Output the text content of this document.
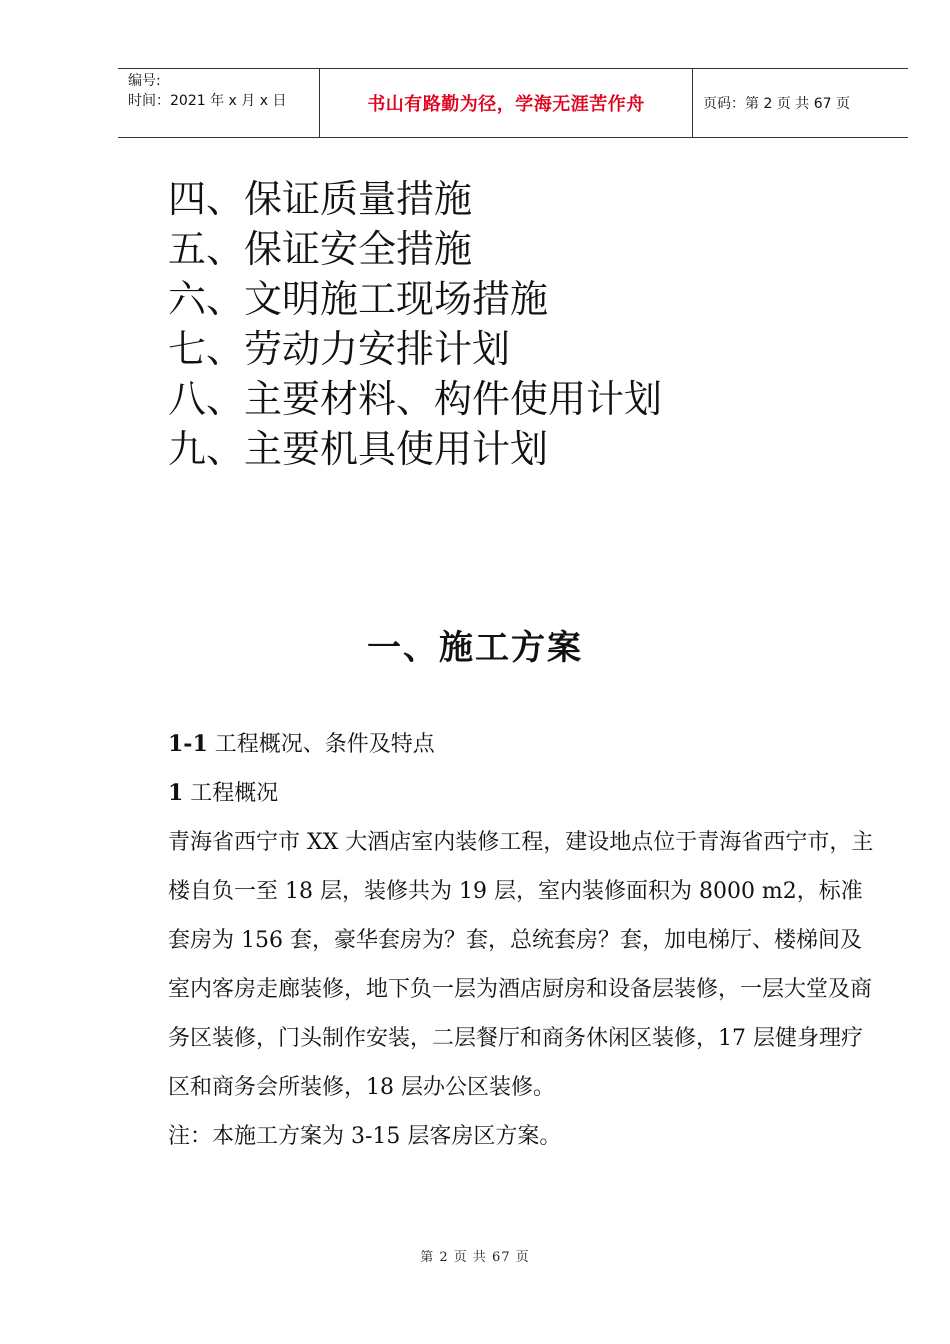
编号:
时间：2021 年 x 月 x 日	书山有路勤为径，学海无涯苦作舟	页码：第 2 页 共 67 页
四、保证质量措施
五、保证安全措施
六、文明施工现场措施
七、劳动力安排计划
八、主要材料、构件使用计划
九、主要机具使用计划
一、施工方案

1-1 工程概况、条件及特点

1 工程概况

青海省西宁市 XX 大酒店室内装修工程，建设地点位于青海省西宁市，主楼自负一至 18 层，装修共为 19 层，室内装修面积为 8000 m2，标准套房为 156 套，豪华套房为？套，总统套房？套，加电梯厅、楼梯间及室内客房走廊装修，地下负一层为酒店厨房和设备层装修，一层大堂及商务区装修，门头制作安装，二层餐厅和商务休闲区装修，17 层健身理疗区和商务会所装修，18 层办公区装修。

注：本施工方案为 3-15 层客房区方案。

第 2 页 共 67 页
